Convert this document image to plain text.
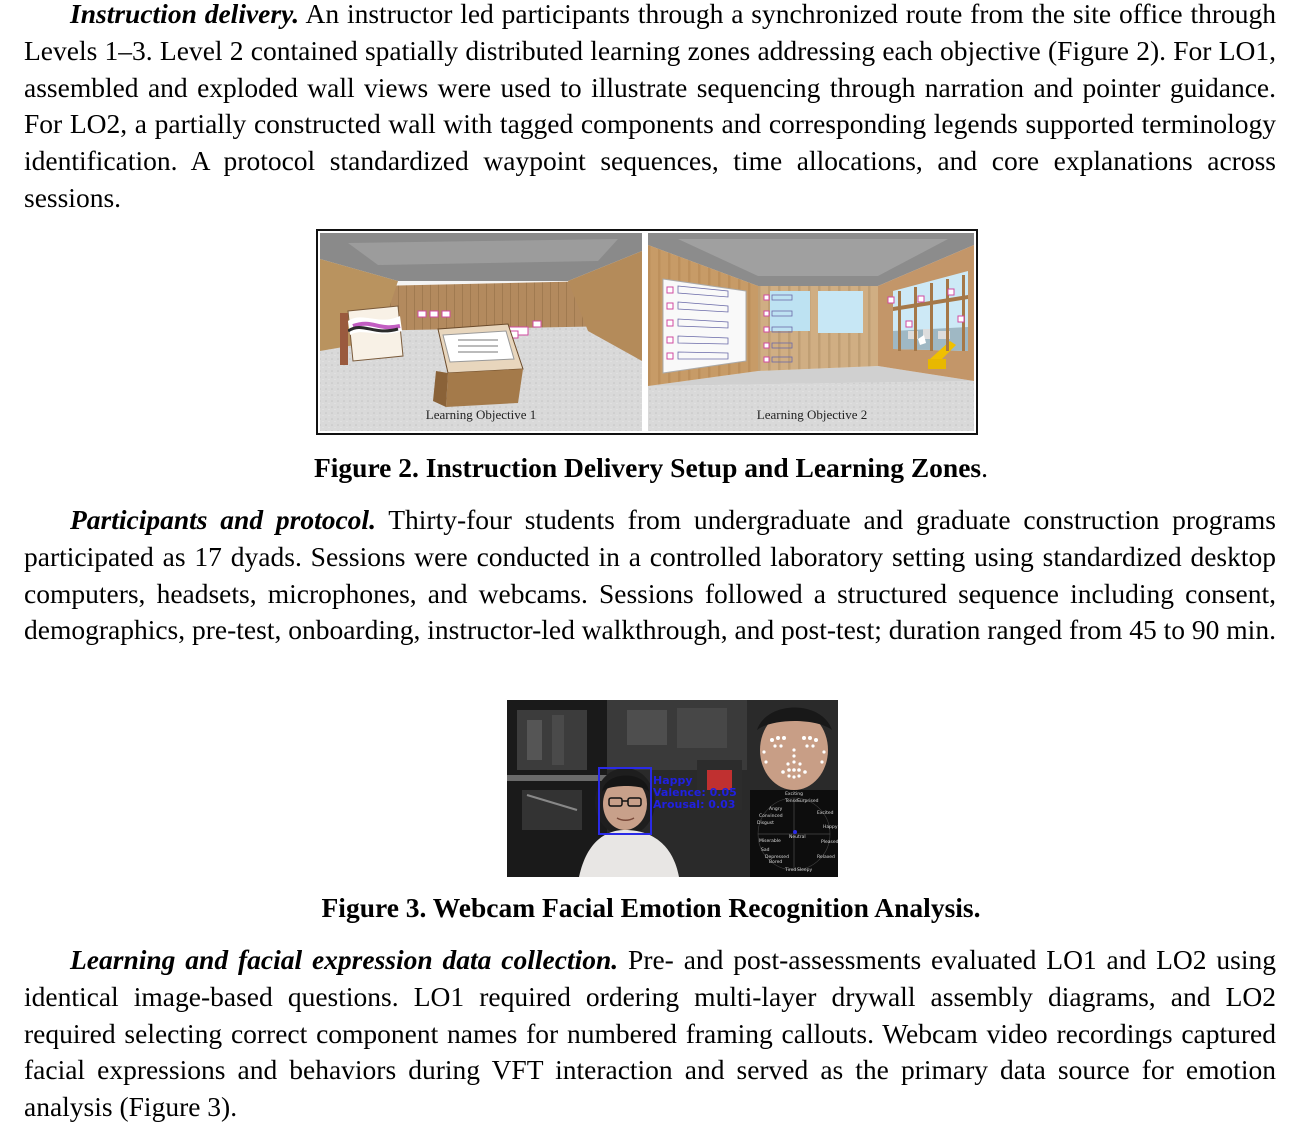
Instruction delivery. An instructor led participants through a synchronized route from the site office through Levels 1–3. Level 2 contained spatially distributed learning zones addressing each objective (Figure 2). For LO1, assembled and exploded wall views were used to illustrate sequencing through narration and pointer guidance. For LO2, a partially constructed wall with tagged components and corresponding legends supported terminology identification. A protocol standardized waypoint sequences, time allocations, and core explanations across sessions.

Learning Objective 1	Learning Objective 2

Figure 2. Instruction Delivery Setup and Learning Zones.

Participants and protocol. Thirty-four students from undergraduate and graduate construction programs participated as 17 dyads. Sessions were conducted in a controlled laboratory setting using standardized desktop computers, headsets, microphones, and webcams. Sessions followed a structured sequence including consent, demographics, pre-test, onboarding, instructor-led walkthrough, and post-test; duration ranged from 45 to 90 min.

Happy
Valence: 0.05
Arousal: 0.03
Exciting
Tense Surprised
Angry
Excited
Convinced
Disgust
Happy
Neutral
Miserable	Pleased
Sad
Relaxed
Depressed
Bored
Tired Sleepy

Figure 3. Webcam Facial Emotion Recognition Analysis.

Learning and facial expression data collection. Pre- and post-assessments evaluated LO1 and LO2 using identical image-based questions. LO1 required ordering multi-layer drywall assembly diagrams, and LO2 required selecting correct component names for numbered framing callouts. Webcam video recordings captured facial expressions and behaviors during VFT interaction and served as the primary data source for emotion analysis (Figure 3).
